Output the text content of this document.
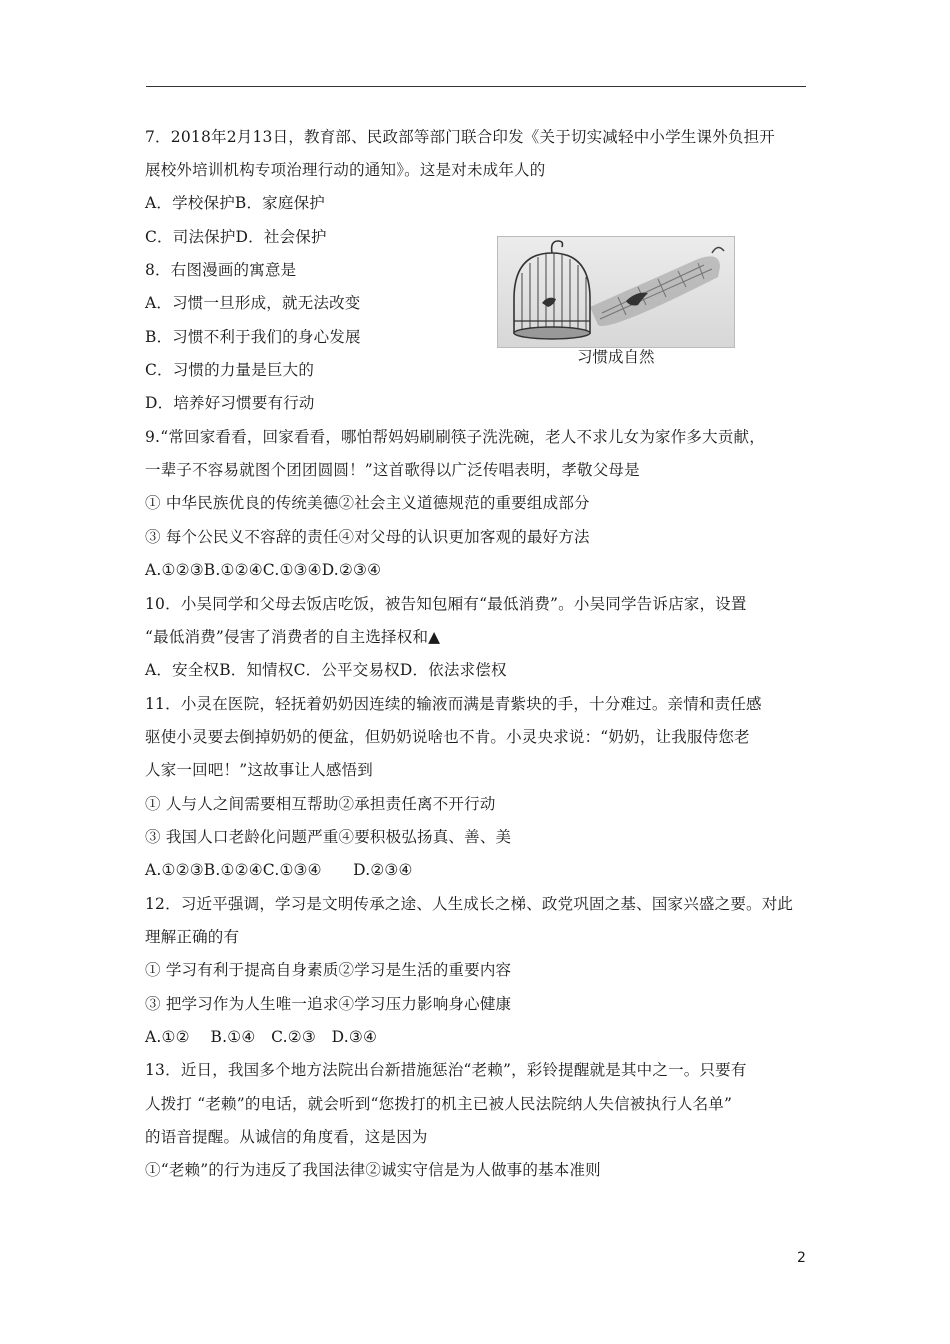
7．2018年2月13日，教育部、民政部等部门联合印发《关于切实减轻中小学生课外负担开
展校外培训机构专项治理行动的通知》。这是对未成年人的
A．学校保护B．家庭保护
C．司法保护D．社会保护
8．右图漫画的寓意是
A．习惯一旦形成，就无法改变
B．习惯不利于我们的身心发展
C．习惯的力量是巨大的
D．培养好习惯要有行动
9.“常回家看看，回家看看，哪怕帮妈妈刷刷筷子洗洗碗，老人不求儿女为家作多大贡献，
一辈子不容易就图个团团圆圆！”这首歌得以广泛传唱表明，孝敬父母是
① 中华民族优良的传统美德②社会主义道德规范的重要组成部分
③ 每个公民义不容辞的责任④对父母的认识更加客观的最好方法
A.①②③B.①②④C.①③④D.②③④
10．小吴同学和父母去饭店吃饭，被告知包厢有“最低消费”。小吴同学告诉店家，设置
“最低消费”侵害了消费者的自主选择权和▲
A．安全权B．知情权C．公平交易权D．依法求偿权
11．小灵在医院，轻抚着奶奶因连续的输液而满是青紫块的手，十分难过。亲情和责任感
驱使小灵要去倒掉奶奶的便盆，但奶奶说啥也不肯。小灵央求说：“奶奶，让我服侍您老
人家一回吧！”这故事让人感悟到
① 人与人之间需要相互帮助②承担责任离不开行动
③ 我国人口老龄化问题严重④要积极弘扬真、善、美
A.①②③B.①②④C.①③④　　D.②③④
12．习近平强调，学习是文明传承之途、人生成长之梯、政党巩固之基、国家兴盛之要。对此
理解正确的有
① 学习有利于提高自身素质②学习是生活的重要内容
③ 把学习作为人生唯一追求④学习压力影响身心健康
A.①②　 B.①④　C.②③　D.③④
13．近日，我国多个地方法院出台新措施惩治“老赖”，彩铃提醒就是其中之一。只要有
人拨打 “老赖”的电话，就会听到“您拨打的机主已被人民法院纳人失信被执行人名单”
的语音提醒。从诚信的角度看，这是因为
①“老赖”的行为违反了我国法律②诚实守信是为人做事的基本准则
习惯成自然
2
